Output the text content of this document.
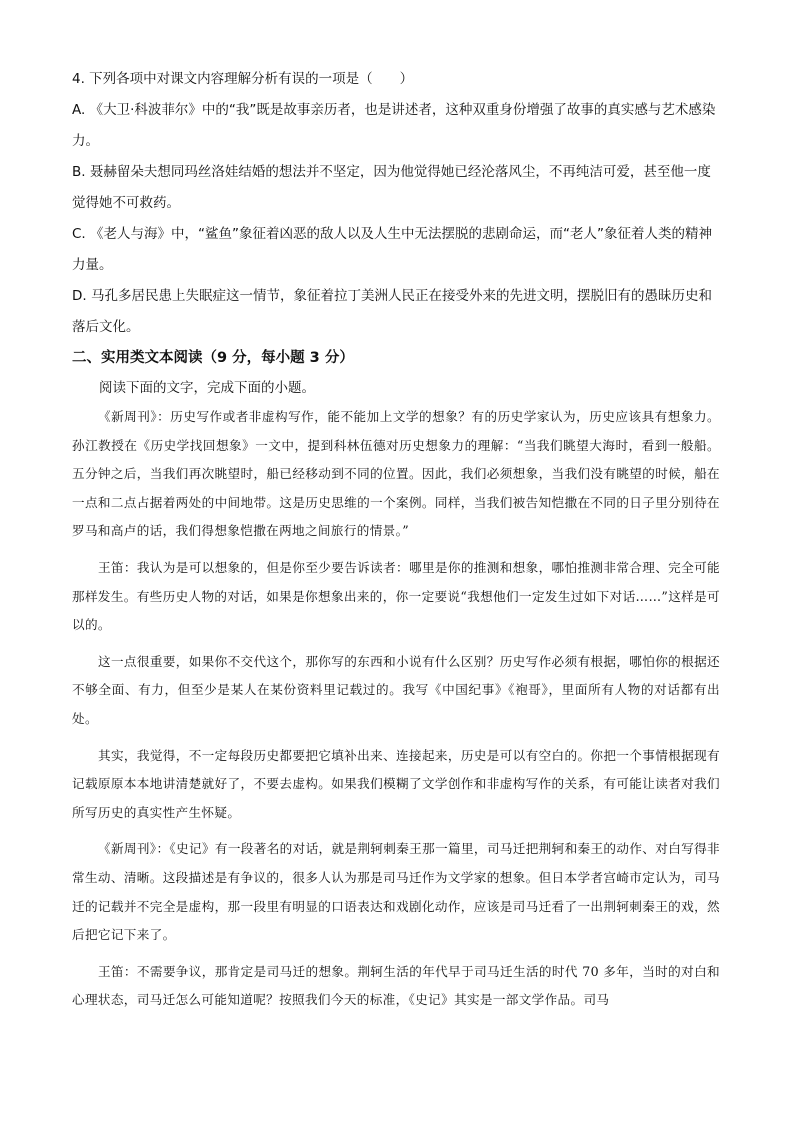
4. 下列各项中对课文内容理解分析有误的一项是（　　）

A. 《大卫·科波菲尔》中的“我”既是故事亲历者，也是讲述者，这种双重身份增强了故事的真实感与艺术感染力。

B. 聂赫留朵夫想同玛丝洛娃结婚的想法并不坚定，因为他觉得她已经沦落风尘，不再纯洁可爱，甚至他一度觉得她不可救药。

C. 《老人与海》中，“鲨鱼”象征着凶恶的敌人以及人生中无法摆脱的悲剧命运，而“老人”象征着人类的精神力量。

D. 马孔多居民患上失眠症这一情节，象征着拉丁美洲人民正在接受外来的先进文明，摆脱旧有的愚昧历史和落后文化。

二、实用类文本阅读（9 分，每小题 3 分）

阅读下面的文字，完成下面的小题。

《新周刊》：历史写作或者非虚构写作，能不能加上文学的想象？有的历史学家认为，历史应该具有想象力。孙江教授在《历史学找回想象》一文中，提到科林伍德对历史想象力的理解：“当我们眺望大海时，看到一般船。五分钟之后，当我们再次眺望时，船已经移动到不同的位置。因此，我们必须想象，当我们没有眺望的时候，船在一点和二点占据着两处的中间地带。这是历史思维的一个案例。同样，当我们被告知恺撒在不同的日子里分别待在罗马和高卢的话，我们得想象恺撒在两地之间旅行的情景。”

王笛：我认为是可以想象的，但是你至少要告诉读者：哪里是你的推测和想象，哪怕推测非常合理、完全可能那样发生。有些历史人物的对话，如果是你想象出来的，你一定要说“我想他们一定发生过如下对话……”这样是可以的。

这一点很重要，如果你不交代这个，那你写的东西和小说有什么区别？历史写作必须有根据，哪怕你的根据还不够全面、有力，但至少是某人在某份资料里记载过的。我写《中国纪事》《袍哥》，里面所有人物的对话都有出处。

其实，我觉得，不一定每段历史都要把它填补出来、连接起来，历史是可以有空白的。你把一个事情根据现有记载原原本本地讲清楚就好了，不要去虚构。如果我们模糊了文学创作和非虚构写作的关系，有可能让读者对我们所写历史的真实性产生怀疑。

《新周刊》：《史记》有一段著名的对话，就是荆轲刺秦王那一篇里，司马迁把荆轲和秦王的动作、对白写得非常生动、清晰。这段描述是有争议的，很多人认为那是司马迁作为文学家的想象。但日本学者宫崎市定认为，司马迁的记载并不完全是虚构，那一段里有明显的口语表达和戏剧化动作，应该是司马迁看了一出荆轲刺秦王的戏，然后把它记下来了。

王笛：不需要争议，那肯定是司马迁的想象。荆轲生活的年代早于司马迁生活的时代 70 多年，当时的对白和心理状态，司马迁怎么可能知道呢？按照我们今天的标准，《史记》其实是一部文学作品。司马
